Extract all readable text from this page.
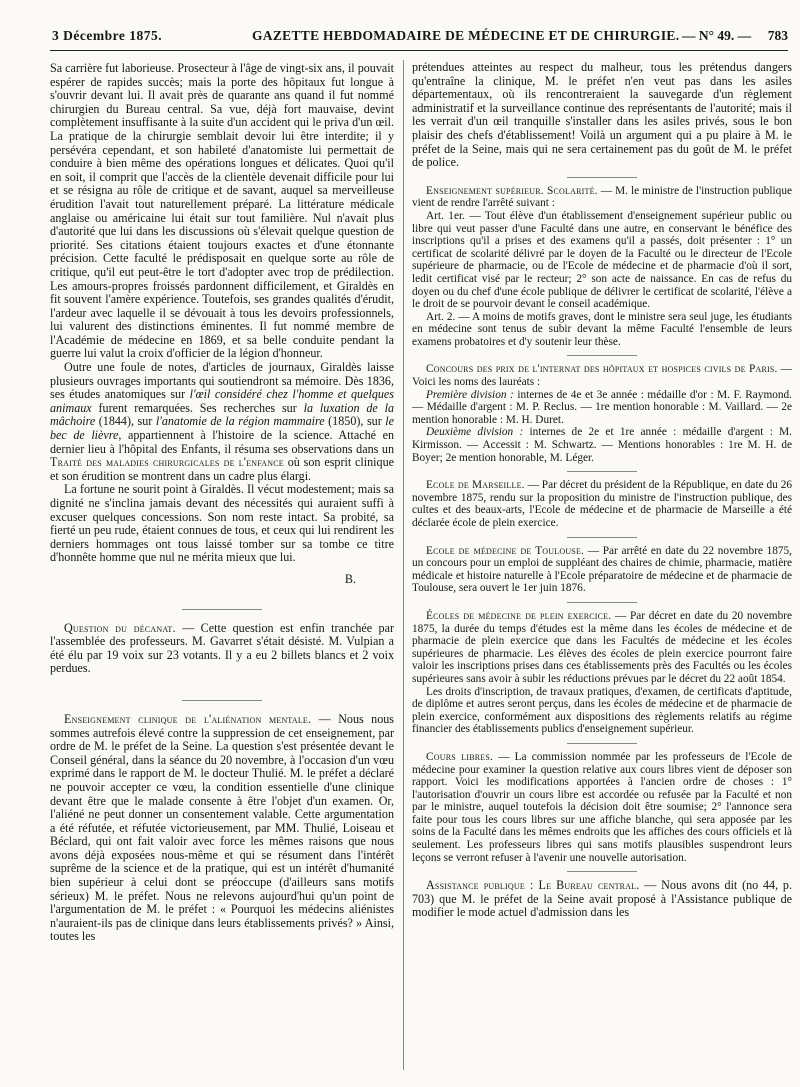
3 Décembre 1875.	GAZETTE HEBDOMADAIRE DE MÉDECINE ET DE CHIRURGIE. — N° 49. — 783

Sa carrière fut laborieuse. Prosecteur à l'âge de vingt-six ans, il pouvait espérer de rapides succès; mais la porte des hôpitaux fut longue à s'ouvrir devant lui. Il avait près de quarante ans quand il fut nommé chirurgien du Bureau central. Sa vue, déjà fort mauvaise, devint complètement insuffisante à la suite d'un accident qui le priva d'un œil. La pratique de la chirurgie semblait devoir lui être interdite; il y persévéra cependant, et son habileté d'anatomiste lui permettait de conduire à bien même des opérations longues et délicates. Quoi qu'il en soit, il comprit que l'accès de la clientèle devenait difficile pour lui et se résigna au rôle de critique et de savant, auquel sa merveilleuse érudition l'avait tout naturellement préparé. La littérature médicale anglaise ou américaine lui était sur tout familière. Nul n'avait plus d'autorité que lui dans les discussions où s'élevait quelque question de priorité. Ses citations étaient toujours exactes et d'une étonnante précision. Cette faculté le prédisposait en quelque sorte au rôle de critique, qu'il eut peut-être le tort d'adopter avec trop de prédilection. Les amours-propres froissés pardonnent difficilement, et Giraldès en fit souvent l'amère expérience. Toutefois, ses grandes qualités d'érudit, l'ardeur avec laquelle il se dévouait à tous les devoirs professionnels, lui valurent des distinctions éminentes. Il fut nommé membre de l'Académie de médecine en 1869, et sa belle conduite pendant la guerre lui valut la croix d'officier de la légion d'honneur.

Outre une foule de notes, d'articles de journaux, Giraldès laisse plusieurs ouvrages importants qui soutiendront sa mémoire. Dès 1836, ses études anatomiques sur l'œil considéré chez l'homme et quelques animaux furent remarquées. Ses recherches sur la luxation de la mâchoire (1844), sur l'anatomie de la région mammaire (1850), sur le bec de lièvre, appartiennent à l'histoire de la science. Attaché en dernier lieu à l'hôpital des Enfants, il résuma ses observations dans un Traité des maladies chirurgicales de l'enfance où son esprit clinique et son érudition se montrent dans un cadre plus élargi.

La fortune ne sourit point à Giraldès. Il vécut modestement; mais sa dignité ne s'inclina jamais devant des nécessités qui auraient suffi à excuser quelques concessions. Son nom reste intact. Sa probité, sa fierté un peu rude, étaient connues de tous, et ceux qui lui rendirent les derniers hommages ont tous laissé tomber sur sa tombe ce titre d'honnête homme que nul ne mérita mieux que lui.

B.

Question du décanat. — Cette question est enfin tranchée par l'assemblée des professeurs. M. Gavarret s'était désisté. M. Vulpian a été élu par 19 voix sur 23 votants. Il y a eu 2 billets blancs et 2 voix perdues.

Enseignement clinique de l'aliénation mentale. — Nous nous sommes autrefois élevé contre la suppression de cet enseignement, par ordre de M. le préfet de la Seine. La question s'est présentée devant le Conseil général, dans la séance du 20 novembre, à l'occasion d'un vœu exprimé dans le rapport de M. le docteur Thulié. M. le préfet a déclaré ne pouvoir accepter ce vœu, la condition essentielle d'une clinique devant être que le malade consente à être l'objet d'un examen. Or, l'aliéné ne peut donner un consentement valable. Cette argumentation a été réfutée, et réfutée victorieusement, par MM. Thulié, Loiseau et Béclard, qui ont fait valoir avec force les mêmes raisons que nous avons déjà exposées nous-même et qui se résument dans l'intérêt suprême de la science et de la pratique, qui est un intérêt d'humanité bien supérieur à celui dont se préoccupe (d'ailleurs sans motifs sérieux) M. le préfet. Nous ne relevons aujourd'hui qu'un point de l'argumentation de M. le préfet : « Pourquoi les médecins aliénistes n'auraient-ils pas de clinique dans leurs établissements privés? » Ainsi, toutes les

prétendues atteintes au respect du malheur, tous les prétendus dangers qu'entraîne la clinique, M. le préfet n'en veut pas dans les asiles départementaux, où ils rencontreraient la sauvegarde d'un règlement administratif et la surveillance continue des représentants de l'autorité; mais il les verrait d'un œil tranquille s'installer dans les asiles privés, sous le bon plaisir des chefs d'établissement! Voilà un argument qui a pu plaire à M. le préfet de la Seine, mais qui ne sera certainement pas du goût de M. le préfet de police.

Enseignement supérieur. Scolarité. — M. le ministre de l'instruction publique vient de rendre l'arrêté suivant :

Art. 1er. — Tout élève d'un établissement d'enseignement supérieur public ou libre qui veut passer d'une Faculté dans une autre, en conservant le bénéfice des inscriptions qu'il a prises et des examens qu'il a passés, doit présenter : 1° un certificat de scolarité délivré par le doyen de la Faculté ou le directeur de l'Ecole supérieure de pharmacie, ou de l'Ecole de médecine et de pharmacie d'où il sort, ledit certificat visé par le recteur; 2° son acte de naissance. En cas de refus du doyen ou du chef d'une école publique de délivrer le certificat de scolarité, l'élève a le droit de se pourvoir devant le conseil académique.

Art. 2. — A moins de motifs graves, dont le ministre sera seul juge, les étudiants en médecine sont tenus de subir devant la même Faculté l'ensemble de leurs examens probatoires et d'y soutenir leur thèse.

Concours des prix de l'internat des hôpitaux et hospices civils de Paris. — Voici les noms des lauréats :

Première division : internes de 4e et 3e année : médaille d'or : M. F. Raymond. — Médaille d'argent : M. P. Reclus. — 1re mention honorable : M. Vaillard. — 2e mention honorable : M. H. Duret.

Deuxième division : internes de 2e et 1re année : médaille d'argent : M. Kirmisson. — Accessit : M. Schwartz. — Mentions honorables : 1re M. H. de Boyer; 2e mention honorable, M. Léger.

Ecole de Marseille. — Par décret du président de la République, en date du 26 novembre 1875, rendu sur la proposition du ministre de l'instruction publique, des cultes et des beaux-arts, l'Ecole de médecine et de pharmacie de Marseille a été déclarée école de plein exercice.

Ecole de médecine de Toulouse. — Par arrêté en date du 22 novembre 1875, un concours pour un emploi de suppléant des chaires de chimie, pharmacie, matière médicale et histoire naturelle à l'Ecole préparatoire de médecine et de pharmacie de Toulouse, sera ouvert le 1er juin 1876.

Écoles de médecine de plein exercice. — Par décret en date du 20 novembre 1875, la durée du temps d'études est la même dans les écoles de médecine et de pharmacie de plein exercice que dans les Facultés de médecine et les écoles supérieures de pharmacie. Les élèves des écoles de plein exercice pourront faire valoir les inscriptions prises dans ces établissements près des Facultés ou les écoles supérieures sans avoir à subir les réductions prévues par le décret du 22 août 1854.

Les droits d'inscription, de travaux pratiques, d'examen, de certificats d'aptitude, de diplôme et autres seront perçus, dans les écoles de médecine et de pharmacie de plein exercice, conformément aux dispositions des règlements relatifs au régime financier des établissements publics d'enseignement supérieur.

Cours libres. — La commission nommée par les professeurs de l'Ecole de médecine pour examiner la question relative aux cours libres vient de déposer son rapport. Voici les modifications apportées à l'ancien ordre de choses : 1° l'autorisation d'ouvrir un cours libre est accordée ou refusée par la Faculté et non par le ministre, auquel toutefois la décision doit être soumise; 2° l'annonce sera faite pour tous les cours libres sur une affiche blanche, qui sera apposée par les soins de la Faculté dans les mêmes endroits que les affiches des cours officiels et là seulement. Les professeurs libres qui sans motifs plausibles suspendront leurs leçons se verront refuser à l'avenir une nouvelle autorisation.

Assistance publique : Le Bureau central. — Nous avons dit (no 44, p. 703) que M. le préfet de la Seine avait proposé à l'Assistance publique de modifier le mode actuel d'admission dans les
